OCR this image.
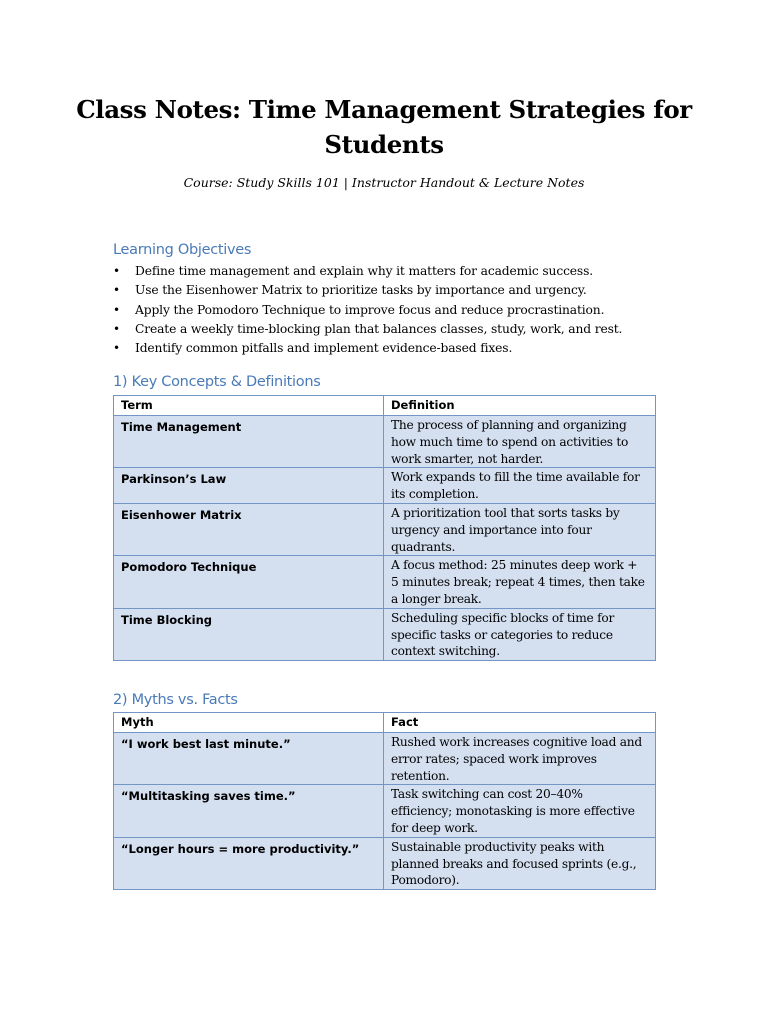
Class Notes: Time Management Strategies for Students
Course: Study Skills 101 | Instructor Handout & Lecture Notes
Learning Objectives
• Define time management and explain why it matters for academic success.
• Use the Eisenhower Matrix to prioritize tasks by importance and urgency.
• Apply the Pomodoro Technique to improve focus and reduce procrastination.
• Create a weekly time-blocking plan that balances classes, study, work, and rest.
• Identify common pitfalls and implement evidence-based fixes.
1) Key Concepts & Definitions
Term	Definition
Time Management	The process of planning and organizing how much time to spend on activities to work smarter, not harder.
Parkinson’s Law	Work expands to fill the time available for its completion.
Eisenhower Matrix	A prioritization tool that sorts tasks by urgency and importance into four quadrants.
Pomodoro Technique	A focus method: 25 minutes deep work + 5 minutes break; repeat 4 times, then take a longer break.
Time Blocking	Scheduling specific blocks of time for specific tasks or categories to reduce context switching.
2) Myths vs. Facts
Myth	Fact
“I work best last minute.”	Rushed work increases cognitive load and error rates; spaced work improves retention.
“Multitasking saves time.”	Task switching can cost 20–40% efficiency; monotasking is more effective for deep work.
“Longer hours = more productivity.”	Sustainable productivity peaks with planned breaks and focused sprints (e.g., Pomodoro).
